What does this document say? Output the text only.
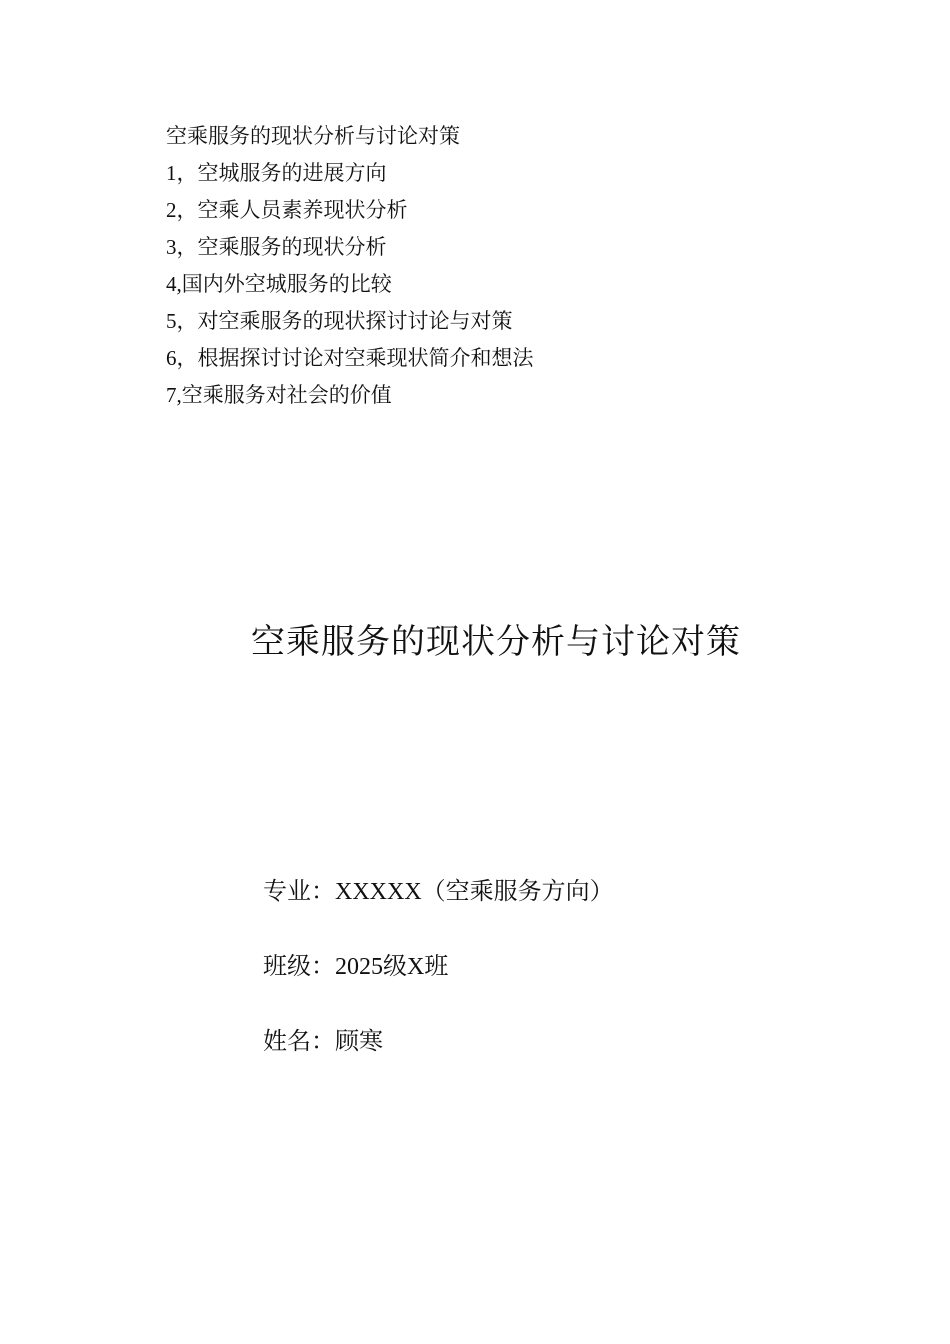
空乘服务的现状分析与讨论对策
1，空城服务的进展方向
2，空乘人员素养现状分析
3，空乘服务的现状分析
4,国内外空城服务的比较
5，对空乘服务的现状探讨讨论与对策
6，根据探讨讨论对空乘现状简介和想法
7,空乘服务对社会的价值
空乘服务的现状分析与讨论对策
专业：XXXXX（空乘服务方向）
班级：2025级X班
姓名：顾寒
